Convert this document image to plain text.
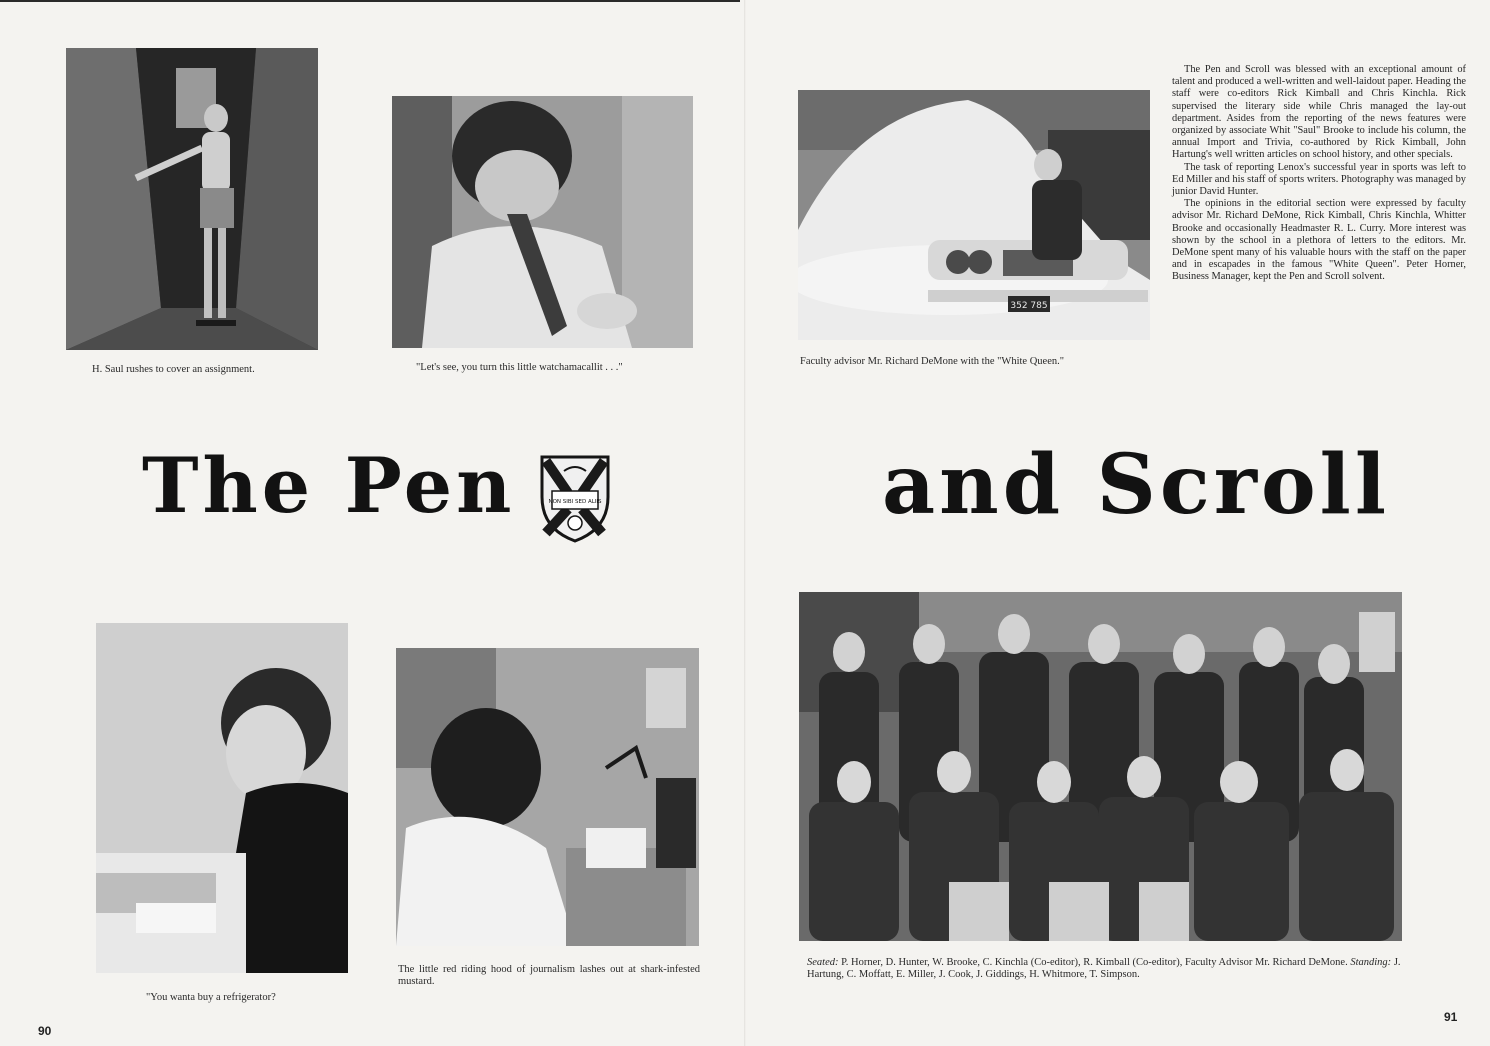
H. Saul rushes to cover an assignment.	"Let's see, you turn this little watchamacallit . . ."
352 785
Faculty advisor Mr. Richard DeMone with the "White Queen."

The Pen and Scroll was blessed with an exceptional amount of talent and produced a well-written and well-laidout paper. Heading the staff were co-editors Rick Kimball and Chris Kinchla. Rick supervised the literary side while Chris managed the lay-out department. Asides from the reporting of the news features were organized by associate Whit "Saul" Brooke to include his column, the annual Import and Trivia, co-authored by Rick Kimball, John Hartung's well written articles on school history, and other specials.

The task of reporting Lenox's successful year in sports was left to Ed Miller and his staff of sports writers. Photography was managed by junior David Hunter.

The opinions in the editorial section were expressed by faculty advisor Mr. Richard DeMone, Rick Kimball, Chris Kinchla, Whitter Brooke and occasionally Headmaster R. L. Curry. More interest was shown by the school in a plethora of letters to the editors. Mr. DeMone spent many of his valuable hours with the staff on the paper and in escapades in the famous "White Queen". Peter Horner, Business Manager, kept the Pen and Scroll solvent.

The Pen	NON SIBI SED ALIIS	and Scroll
"You wanta buy a refrigerator?
The little red riding hood of journalism lashes out at shark-infested mustard.
Seated: P. Horner, D. Hunter, W. Brooke, C. Kinchla (Co-editor), R. Kimball (Co-editor), Faculty Advisor Mr. Richard DeMone. Standing: J. Hartung, C. Moffatt, E. Miller, J. Cook, J. Giddings, H. Whitmore, T. Simpson.
90
91
